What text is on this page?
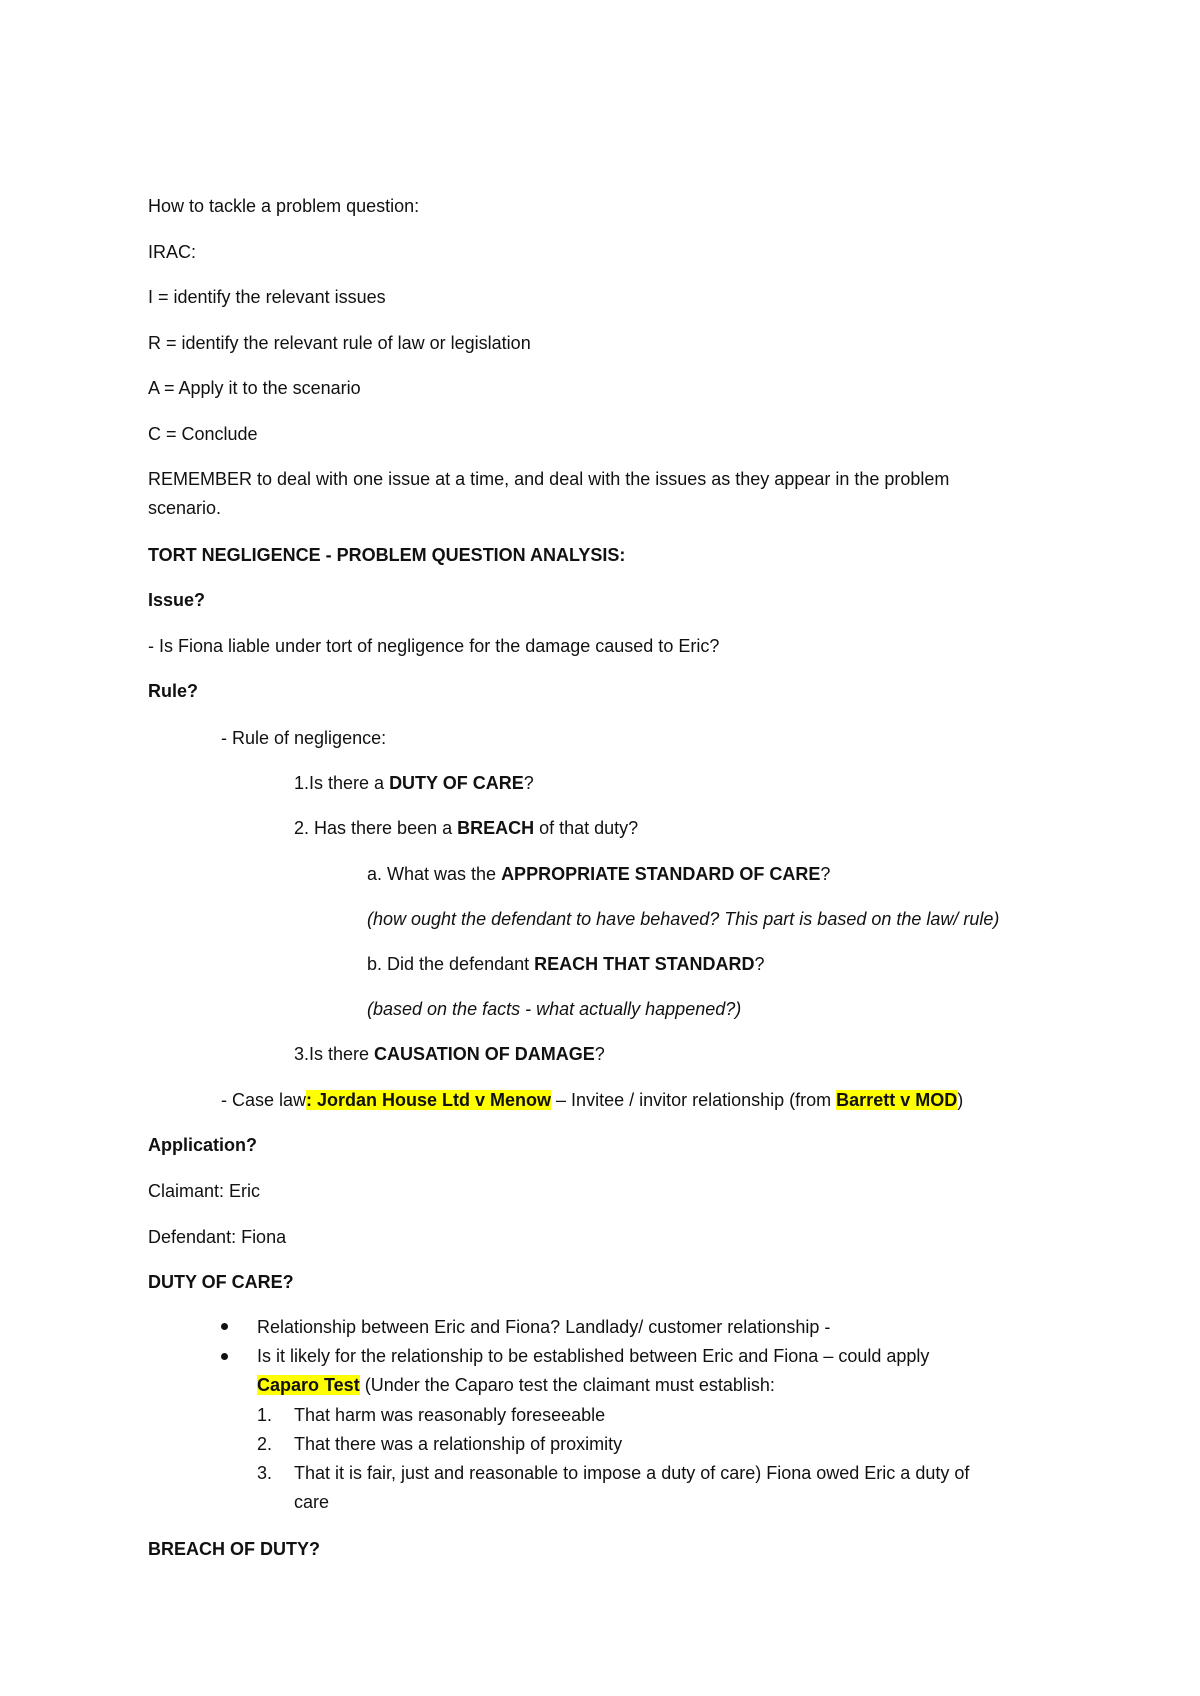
How to tackle a problem question:
IRAC:
I = identify the relevant issues
R = identify the relevant rule of law or legislation
A = Apply it to the scenario
C = Conclude
REMEMBER to deal with one issue at a time, and deal with the issues as they appear in the problem
scenario.
TORT NEGLIGENCE - PROBLEM QUESTION ANALYSIS:
Issue?
- Is Fiona liable under tort of negligence for the damage caused to Eric?
Rule?
- Rule of negligence:
1.Is there a DUTY OF CARE?
2. Has there been a BREACH of that duty?
a. What was the APPROPRIATE STANDARD OF CARE?
(how ought the defendant to have behaved? This part is based on the law/ rule)
b. Did the defendant REACH THAT STANDARD?
(based on the facts - what actually happened?)
3.Is there CAUSATION OF DAMAGE?
- Case law: Jordan House Ltd v Menow – Invitee / invitor relationship (from Barrett v MOD)
Application?
Claimant: Eric
Defendant: Fiona
DUTY OF CARE?
Relationship between Eric and Fiona? Landlady/ customer relationship -
Is it likely for the relationship to be established between Eric and Fiona – could apply
Caparo Test (Under the Caparo test the claimant must establish:
1. That harm was reasonably foreseeable
2. That there was a relationship of proximity
3. That it is fair, just and reasonable to impose a duty of care) Fiona owed Eric a duty of
care
BREACH OF DUTY?
